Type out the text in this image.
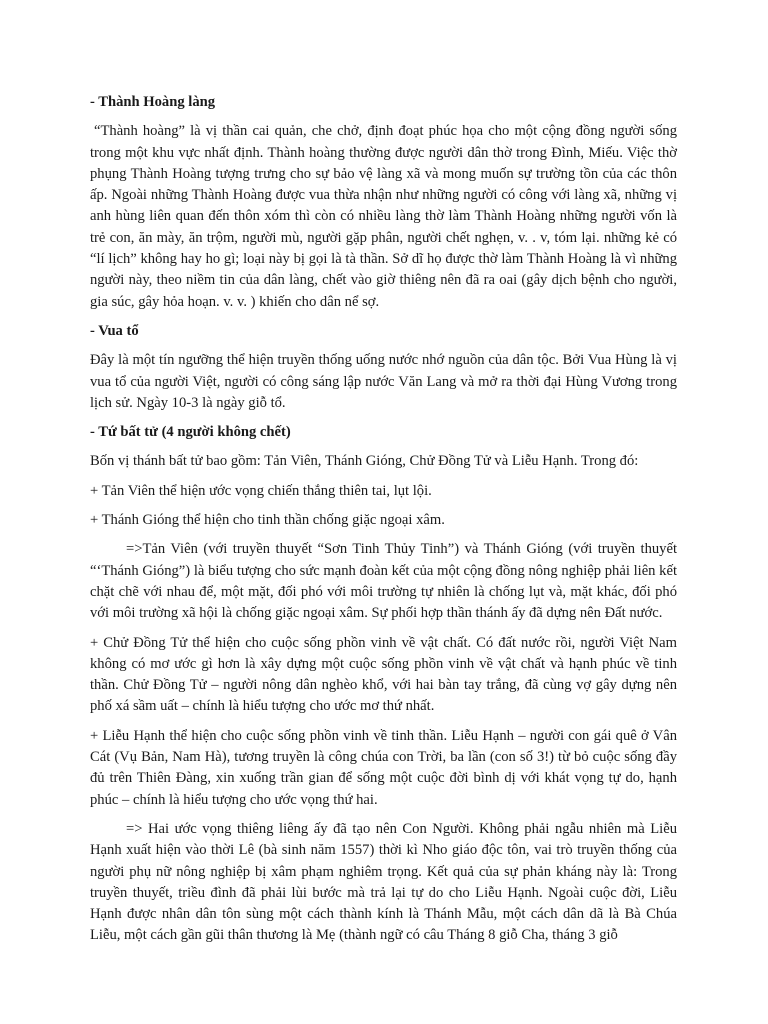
- Thành Hoàng làng

“Thành hoàng” là vị thần cai quản, che chở, định đoạt phúc họa cho một cộng đồng người sống trong một khu vực nhất định. Thành hoàng thường được người dân thờ trong Đình, Miếu. Việc thờ phụng Thành Hoàng tượng trưng cho sự bảo vệ làng xã và mong muốn sự trường tồn của các thôn ấp. Ngoài những Thành Hoàng được vua thừa nhận như những người có công với làng xã, những vị anh hùng liên quan đến thôn xóm thì còn có nhiều làng thờ làm Thành Hoàng những người vốn là trẻ con, ăn mày, ăn trộm, người mù, người gặp phân, người chết nghẹn, v. . v, tóm lại. những kẻ có “lí lịch” không hay ho gì; loại này bị gọi là tà thần. Sở dĩ họ được thờ làm Thành Hoàng là vì những người này, theo niềm tin của dân làng, chết vào giờ thiêng nên đã ra oai (gây dịch bệnh cho người, gia súc, gây hỏa hoạn. v. v. ) khiến cho dân nể sợ.

- Vua tổ

Đây là một tín ngưỡng thể hiện truyền thống uống nước nhớ nguồn của dân tộc. Bởi Vua Hùng là vị vua tổ của người Việt, người có công sáng lập nước Văn Lang và mở ra thời đại Hùng Vương trong lịch sử. Ngày 10-3 là ngày giỗ tổ.

- Tứ bất tử (4 người không chết)

Bốn vị thánh bất tử bao gồm: Tản Viên, Thánh Gióng, Chử Đồng Tử và Liễu Hạnh. Trong đó:

+ Tản Viên thể hiện ước vọng chiến thắng thiên tai, lụt lội.

+ Thánh Gióng thể hiện cho tinh thần chống giặc ngoại xâm.

=>Tản Viên (với truyền thuyết “Sơn Tinh Thủy Tinh”) và Thánh Gióng (với truyền thuyết “‘Thánh Gióng”) là biểu tượng cho sức mạnh đoàn kết của một cộng đồng nông nghiệp phải liên kết chặt chẽ với nhau để, một mặt, đối phó với môi trường tự nhiên là chống lụt và, mặt khác, đối phó với môi trường xã hội là chống giặc ngoại xâm. Sự phối hợp thần thánh ấy đã dựng nên Đất nước.

+ Chử Đồng Tử thể hiện cho cuộc sống phồn vinh về vật chất. Có đất nước rồi, người Việt Nam không có mơ ước gì hơn là xây dựng một cuộc sống phồn vinh về vật chất và hạnh phúc về tinh thần. Chử Đồng Tử – người nông dân nghèo khổ, với hai bàn tay trắng, đã cùng vợ gây dựng nên phố xá sầm uất – chính là hiểu tượng cho ước mơ thứ nhất.

+ Liễu Hạnh thể hiện cho cuộc sống phồn vinh về tinh thần. Liễu Hạnh – người con gái quê ở Vân Cát (Vụ Bản, Nam Hà), tương truyền là công chúa con Trời, ba lần (con số 3!) từ bỏ cuộc sống đầy đủ trên Thiên Đàng, xin xuống trần gian để sống một cuộc đời bình dị với khát vọng tự do, hạnh phúc – chính là hiểu tượng cho ước vọng thứ hai.

=> Hai ước vọng thiêng liêng ấy đã tạo nên Con Người. Không phải ngẫu nhiên mà Liễu Hạnh xuất hiện vào thời Lê (bà sinh năm 1557) thời kì Nho giáo độc tôn, vai trò truyền thống của người phụ nữ nông nghiệp bị xâm phạm nghiêm trọng. Kết quả của sự phản kháng này là: Trong truyền thuyết, triều đình đã phải lùi bước mà trả lại tự do cho Liễu Hạnh. Ngoài cuộc đời, Liễu Hạnh được nhân dân tôn sùng một cách thành kính là Thánh Mẫu, một cách dân dã là Bà Chúa Liễu, một cách gần gũi thân thương là Mẹ (thành ngữ có câu Tháng 8 giỗ Cha, tháng 3 giỗ
